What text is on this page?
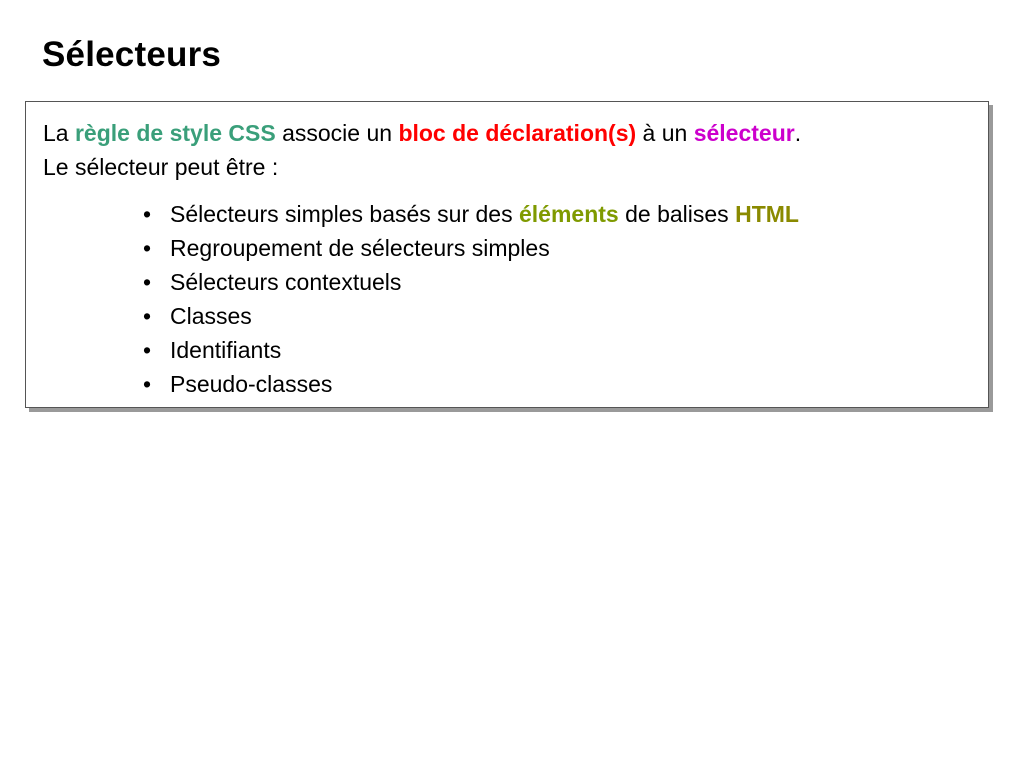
Sélecteurs

La règle de style CSS associe un bloc de déclaration(s) à un sélecteur.

Le sélecteur peut être :

• Sélecteurs simples basés sur des éléments de balises HTML
• Regroupement de sélecteurs simples
• Sélecteurs contextuels
• Classes
• Identifiants
• Pseudo-classes
